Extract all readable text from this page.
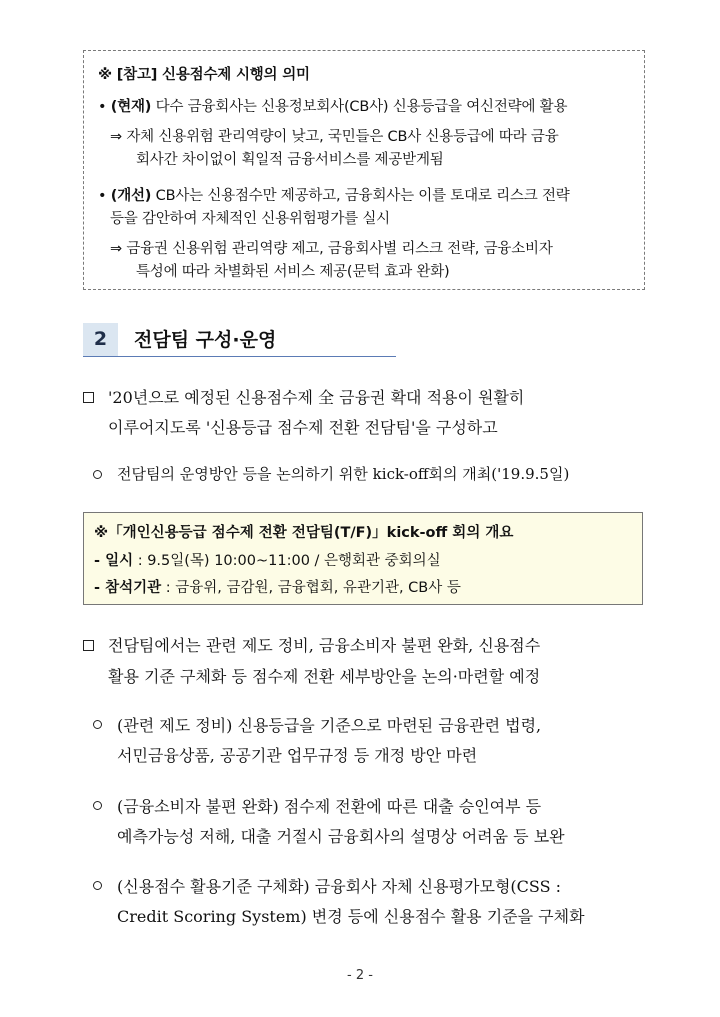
※ [참고] 신용점수제 시행의 의미
• (현재) 다수 금융회사는 신용정보회사(CB사) 신용등급을 여신전략에 활용
⇒ 자체 신용위험 관리역량이 낮고, 국민들은 CB사 신용등급에 따라 금융
회사간 차이없이 획일적 금융서비스를 제공받게됨
• (개선) CB사는 신용점수만 제공하고, 금융회사는 이를 토대로 리스크 전략
등을 감안하여 자체적인 신용위험평가를 실시
⇒ 금융권 신용위험 관리역량 제고, 금융회사별 리스크 전략, 금융소비자
특성에 따라 차별화된 서비스 제공(문턱 효과 완화)
2	전담팀 구성·운영
'20년으로 예정된 신용점수제 全 금융권 확대 적용이 원활히
이루어지도록 '신용등급 점수제 전환 전담팀'을 구성하고
전담팀의 운영방안 등을 논의하기 위한 kick-off회의 개최('19.9.5일)
※「개인신용등급 점수제 전환 전담팀(T/F)」kick-off 회의 개요
- 일시 : 9.5일(목) 10:00~11:00 / 은행회관 중회의실
- 참석기관 : 금융위, 금감원, 금융협회, 유관기관, CB사 등
전담팀에서는 관련 제도 정비, 금융소비자 불편 완화, 신용점수
활용 기준 구체화 등 점수제 전환 세부방안을 논의·마련할 예정
(관련 제도 정비) 신용등급을 기준으로 마련된 금융관련 법령,
서민금융상품, 공공기관 업무규정 등 개정 방안 마련
(금융소비자 불편 완화) 점수제 전환에 따른 대출 승인여부 등
예측가능성 저해, 대출 거절시 금융회사의 설명상 어려움 등 보완
(신용점수 활용기준 구체화) 금융회사 자체 신용평가모형(CSS :
Credit Scoring System) 변경 등에 신용점수 활용 기준을 구체화
- 2 -
